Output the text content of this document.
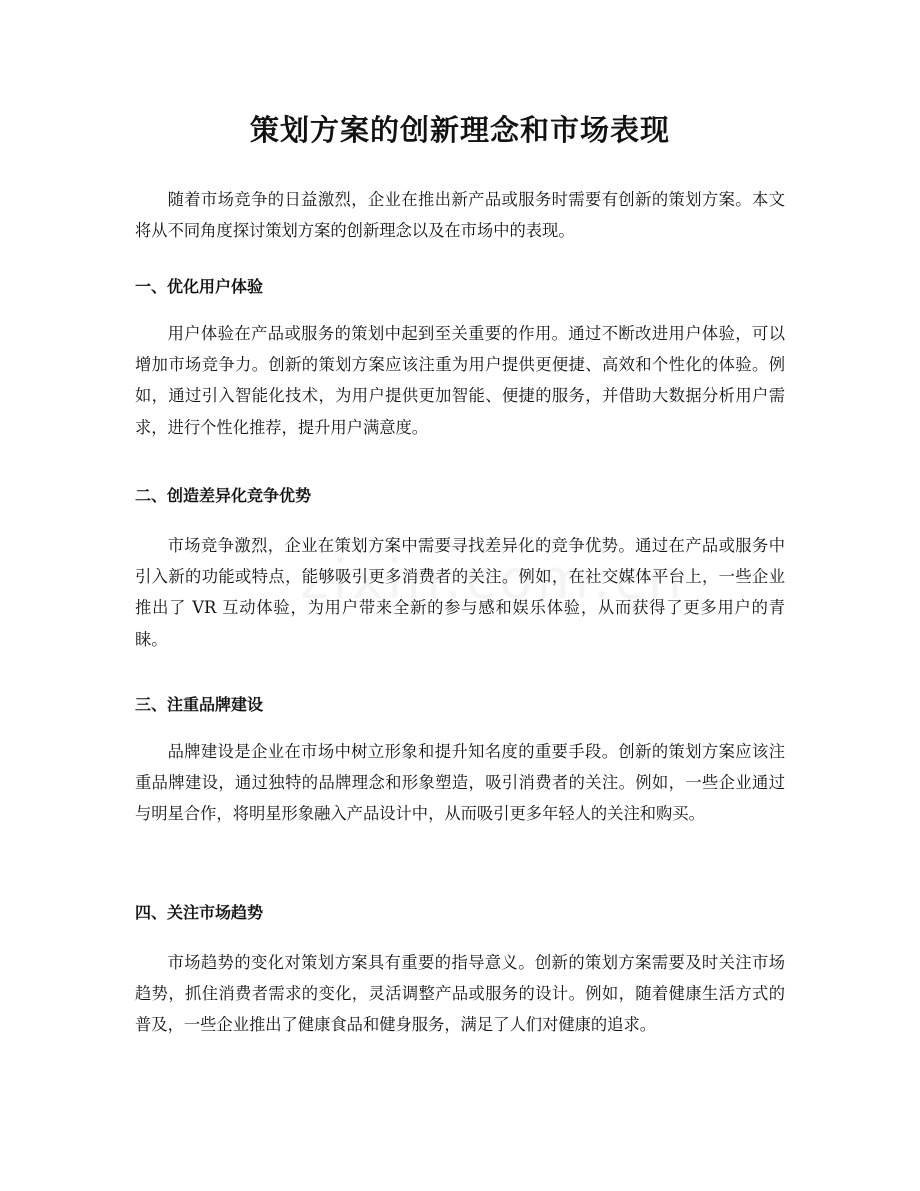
策划方案的创新理念和市场表现

随着市场竞争的日益激烈，企业在推出新产品或服务时需要有创新的策划方案。本文将从不同角度探讨策划方案的创新理念以及在市场中的表现。

一、优化用户体验

用户体验在产品或服务的策划中起到至关重要的作用。通过不断改进用户体验，可以增加市场竞争力。创新的策划方案应该注重为用户提供更便捷、高效和个性化的体验。例如，通过引入智能化技术，为用户提供更加智能、便捷的服务，并借助大数据分析用户需求，进行个性化推荐，提升用户满意度。

二、创造差异化竞争优势

市场竞争激烈，企业在策划方案中需要寻找差异化的竞争优势。通过在产品或服务中引入新的功能或特点，能够吸引更多消费者的关注。例如，在社交媒体平台上，一些企业推出了 VR 互动体验，为用户带来全新的参与感和娱乐体验，从而获得了更多用户的青睐。

三、注重品牌建设

品牌建设是企业在市场中树立形象和提升知名度的重要手段。创新的策划方案应该注重品牌建设，通过独特的品牌理念和形象塑造，吸引消费者的关注。例如，一些企业通过与明星合作，将明星形象融入产品设计中，从而吸引更多年轻人的关注和购买。

四、关注市场趋势

市场趋势的变化对策划方案具有重要的指导意义。创新的策划方案需要及时关注市场趋势，抓住消费者需求的变化，灵活调整产品或服务的设计。例如，随着健康生活方式的普及，一些企业推出了健康食品和健身服务，满足了人们对健康的追求。
